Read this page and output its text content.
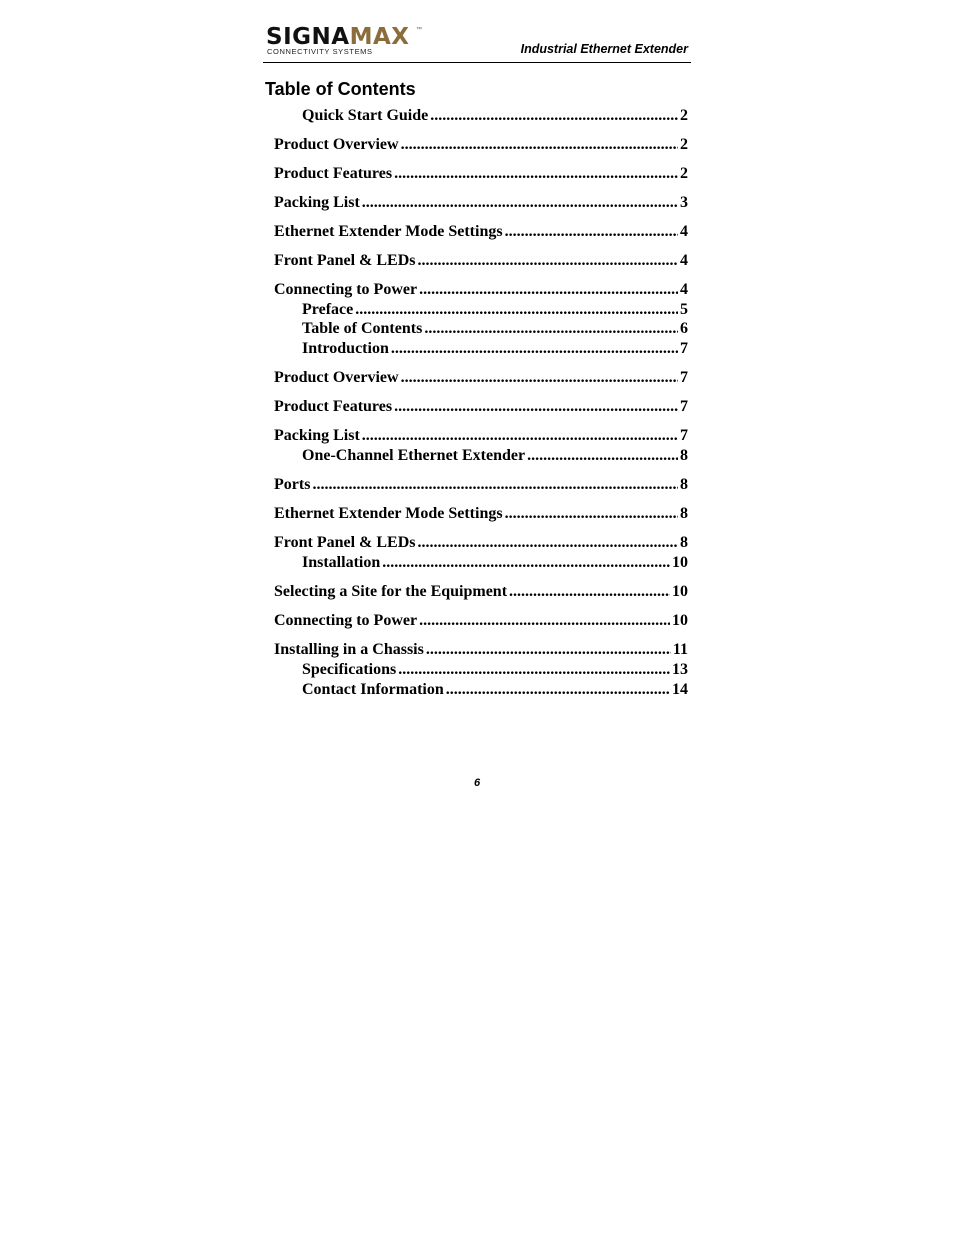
SIGNAMAX ™
CONNECTIVITY SYSTEMS	Industrial Ethernet Extender
Table of Contents
Quick Start Guide .....	2
Product Overview .....	2
Product Features .....	2
Packing List .....	3
Ethernet Extender Mode Settings .....	4
Front Panel & LEDs .....	4
Connecting to Power .....	4
Preface .....	5
Table of Contents .....	6
Introduction .....	7
Product Overview .....	7
Product Features .....	7
Packing List .....	7
One-Channel Ethernet Extender .....	8
Ports .....	8
Ethernet Extender Mode Settings .....	8
Front Panel & LEDs .....	8
Installation .....	10
Selecting a Site for the Equipment .....	10
Connecting to Power .....	10
Installing in a Chassis .....	11
Specifications .....	13
Contact Information .....	14
6
